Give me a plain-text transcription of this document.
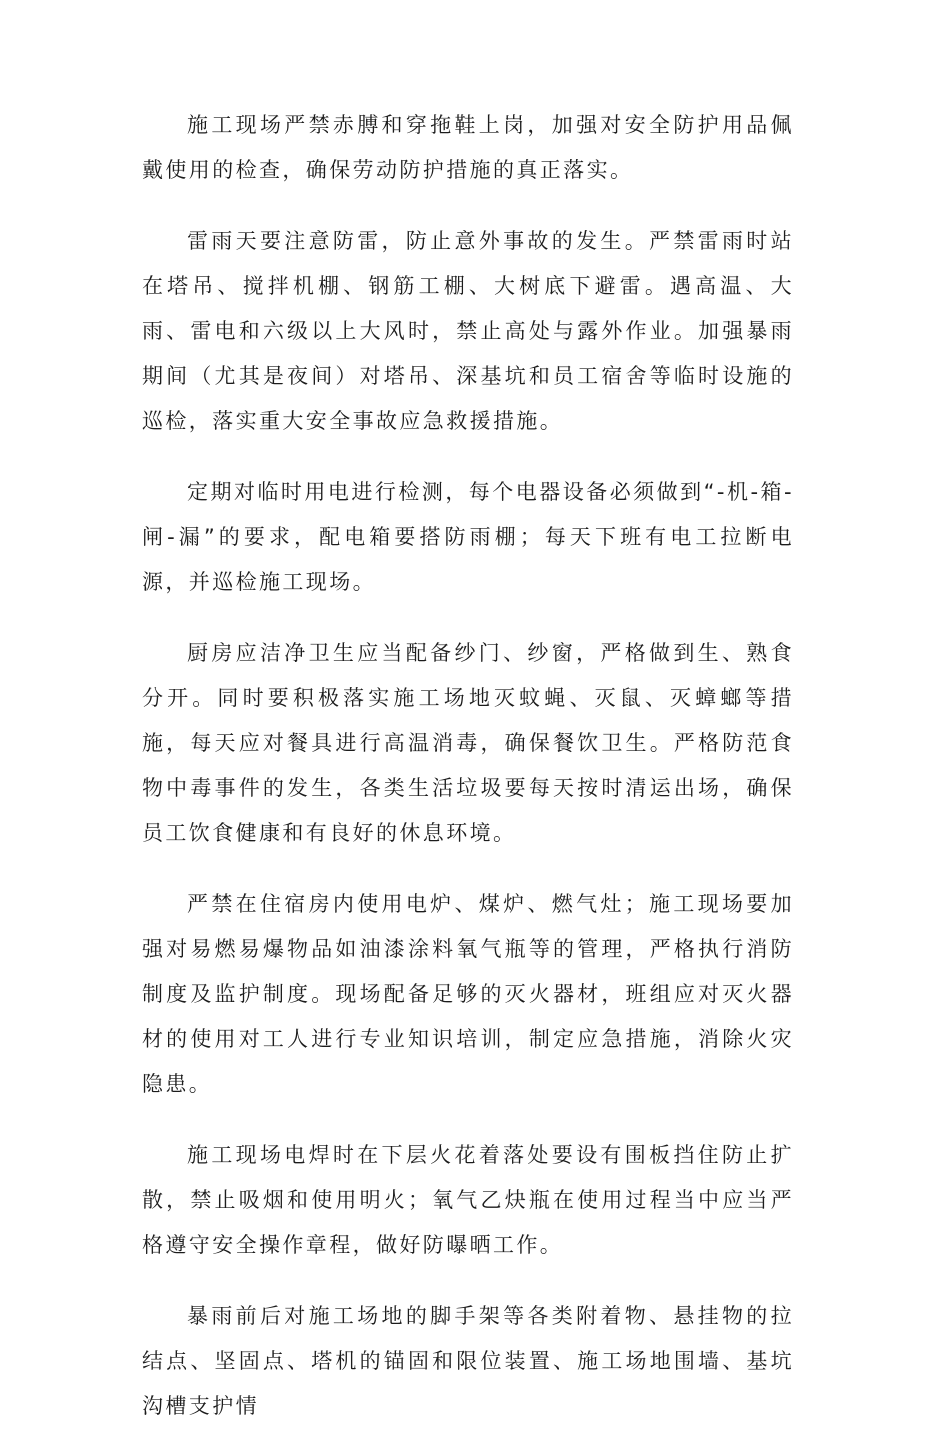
施工现场严禁赤膊和穿拖鞋上岗，加强对安全防护用品佩戴使用的检查，确保劳动防护措施的真正落实。

雷雨天要注意防雷，防止意外事故的发生。严禁雷雨时站在塔吊、搅拌机棚、钢筋工棚、大树底下避雷。遇高温、大雨、雷电和六级以上大风时，禁止高处与露外作业。加强暴雨期间（尤其是夜间）对塔吊、深基坑和员工宿舍等临时设施的巡检，落实重大安全事故应急救援措施。

定期对临时用电进行检测，每个电器设备必须做到“-机-箱-闸-漏”的要求，配电箱要搭防雨棚；每天下班有电工拉断电源，并巡检施工现场。

厨房应洁净卫生应当配备纱门、纱窗，严格做到生、熟食分开。同时要积极落实施工场地灭蚊蝇、灭鼠、灭蟑螂等措施，每天应对餐具进行高温消毒，确保餐饮卫生。严格防范食物中毒事件的发生，各类生活垃圾要每天按时清运出场，确保员工饮食健康和有良好的休息环境。

严禁在住宿房内使用电炉、煤炉、燃气灶；施工现场要加强对易燃易爆物品如油漆涂料氧气瓶等的管理，严格执行消防制度及监护制度。现场配备足够的灭火器材，班组应对灭火器材的使用对工人进行专业知识培训，制定应急措施，消除火灾隐患。

施工现场电焊时在下层火花着落处要设有围板挡住防止扩散，禁止吸烟和使用明火；氧气乙炔瓶在使用过程当中应当严格遵守安全操作章程，做好防曝晒工作。

暴雨前后对施工场地的脚手架等各类附着物、悬挂物的拉结点、坚固点、塔机的锚固和限位装置、施工场地围墙、基坑沟槽支护情
